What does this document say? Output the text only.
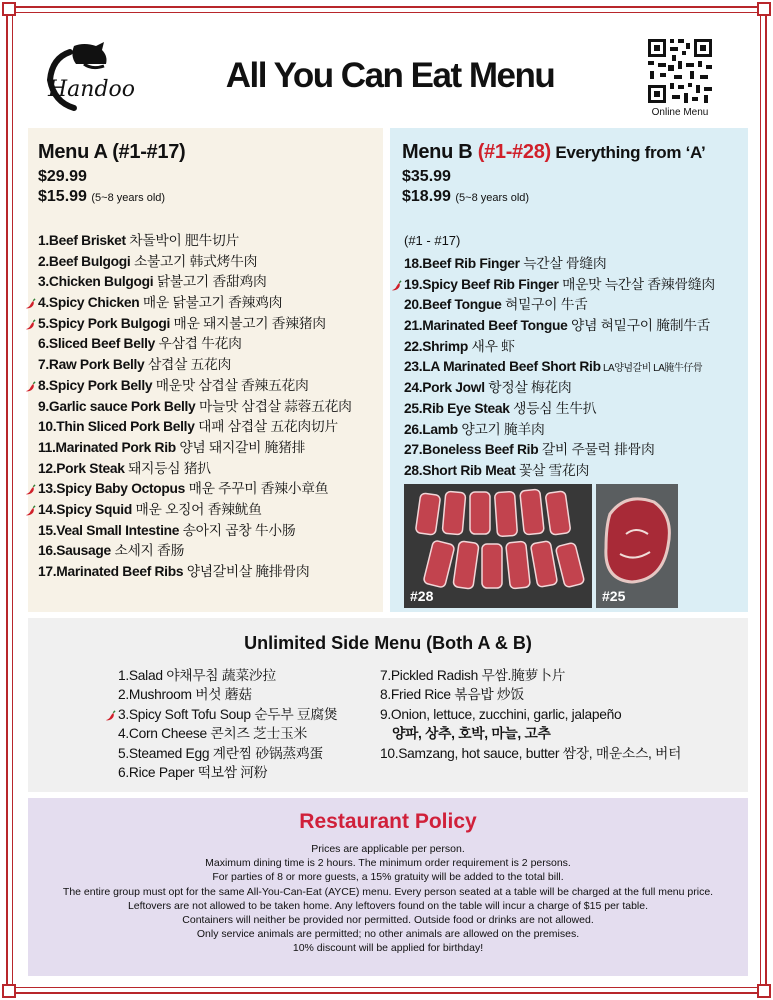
Handoo	All You Can Eat Menu
Online Menu
Menu A (#1-#17)
$29.99
$15.99 (5~8 years old)
1.Beef Brisket 차돌박이 肥牛切片
2.Beef Bulgogi 소불고기 韩式烤牛肉
3.Chicken Bulgogi 닭불고기 香甜鸡肉
4.Spicy Chicken 매운 닭불고기 香辣鸡肉
5.Spicy Pork Bulgogi 매운 돼지불고기 香辣猪肉
6.Sliced Beef Belly 우삼겹 牛花肉
7.Raw Pork Belly 삼겹살 五花肉
8.Spicy Pork Belly 매운맛 삼겹살 香辣五花肉
9.Garlic sauce Pork Belly 마늘맛 삼겹살 蒜蓉五花肉
10.Thin Sliced Pork Belly 대패 삼겹살 五花肉切片
11.Marinated Pork Rib 양념 돼지갈비 腌猪排
12.Pork Steak 돼지등심 猪扒
13.Spicy Baby Octopus 매운 주꾸미 香辣小章鱼
14.Spicy Squid 매운 오징어 香辣鱿鱼
15.Veal Small Intestine 송아지 곱창 牛小肠
16.Sausage 소세지 香肠
17.Marinated Beef Ribs 양념갈비살 腌排骨肉
Menu B (#1-#28) Everything from ‘A’
$35.99
$18.99 (5~8 years old)
(#1 - #17)
18.Beef Rib Finger 늑간살 骨缝肉
19.Spicy Beef Rib Finger 매운맛 늑간살 香辣骨缝肉
20.Beef Tongue 혀밑구이 牛舌
21.Marinated Beef Tongue 양념 혀밑구이 腌制牛舌
22.Shrimp 새우 虾
23.LA Marinated Beef Short Rib LA양념갈비 LA腌牛仔骨
24.Pork Jowl 항정살 梅花肉
25.Rib Eye Steak 생등심 生牛扒
26.Lamb 양고기 腌羊肉
27.Boneless Beef Rib 갈비 주물럭 排骨肉
28.Short Rib Meat 꽃살 雪花肉
#28	#25
Unlimited Side Menu (Both A & B)
1.Salad 야채무침 蔬菜沙拉
2.Mushroom 버섯 蘑菇
3.Spicy Soft Tofu Soup 순두부 豆腐煲
4.Corn Cheese 콘치즈 芝士玉米
5.Steamed Egg 계란찜 砂锅蒸鸡蛋
6.Rice Paper 떡보쌈 河粉
7.Pickled Radish 무쌈.腌萝卜片
8.Fried Rice 볶음밥 炒饭
9.Onion, lettuce, zucchini, garlic, jalapeño
양파, 상추, 호박, 마늘, 고추
10.Samzang, hot sauce, butter 쌈장, 매운소스, 버터
Restaurant Policy
Prices are applicable per person.
Maximum dining time is 2 hours. The minimum order requirement is 2 persons.
For parties of 8 or more guests, a 15% gratuity will be added to the total bill.
The entire group must opt for the same All-You-Can-Eat (AYCE) menu. Every person seated at a table will be charged at the full menu price.
Leftovers are not allowed to be taken home. Any leftovers found on the table will incur a charge of $15 per table.
Containers will neither be provided nor permitted. Outside food or drinks are not allowed.
Only service animals are permitted; no other animals are allowed on the premises.
10% discount will be applied for birthday!
